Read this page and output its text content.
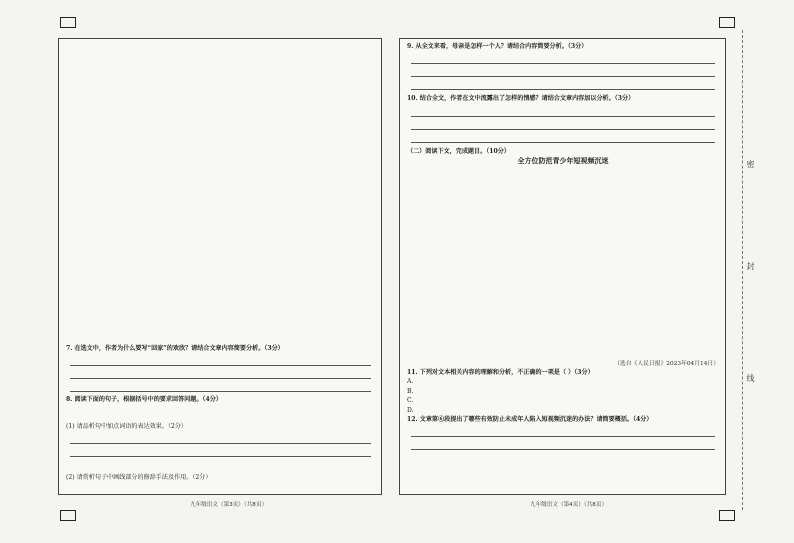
7. 在选文中，作者为什么要写“回家”的欢欣？请结合文章内容简要分析。（3分）

8. 阅读下面的句子，根据括号中的要求回答问题。（4分）

(1) 请品析句中加点词语的表达效果。（2分）

(2) 请赏析句子中画线部分的修辞手法及作用。（2分）

9. 从全文来看，母亲是怎样一个人？请结合内容简要分析。（3分）

10. 结合全文，作者在文中流露出了怎样的情感？请结合文章内容加以分析。（3分）

（二）阅读下文，完成题目。（10分）

全方位防范青少年短视频沉迷

（选自《人民日报》2023年04月14日）

11. 下列对文本相关内容的理解和分析，不正确的一项是（ ）（3分）

A.

B.

C.

D.

12. 文章第⑥段提出了哪些有效防止未成年人陷入短视频沉迷的办法？请简要概括。（4分）

九年级语文（第3页）（共8页）	九年级语文（第4页）（共8页）
密
封
线
